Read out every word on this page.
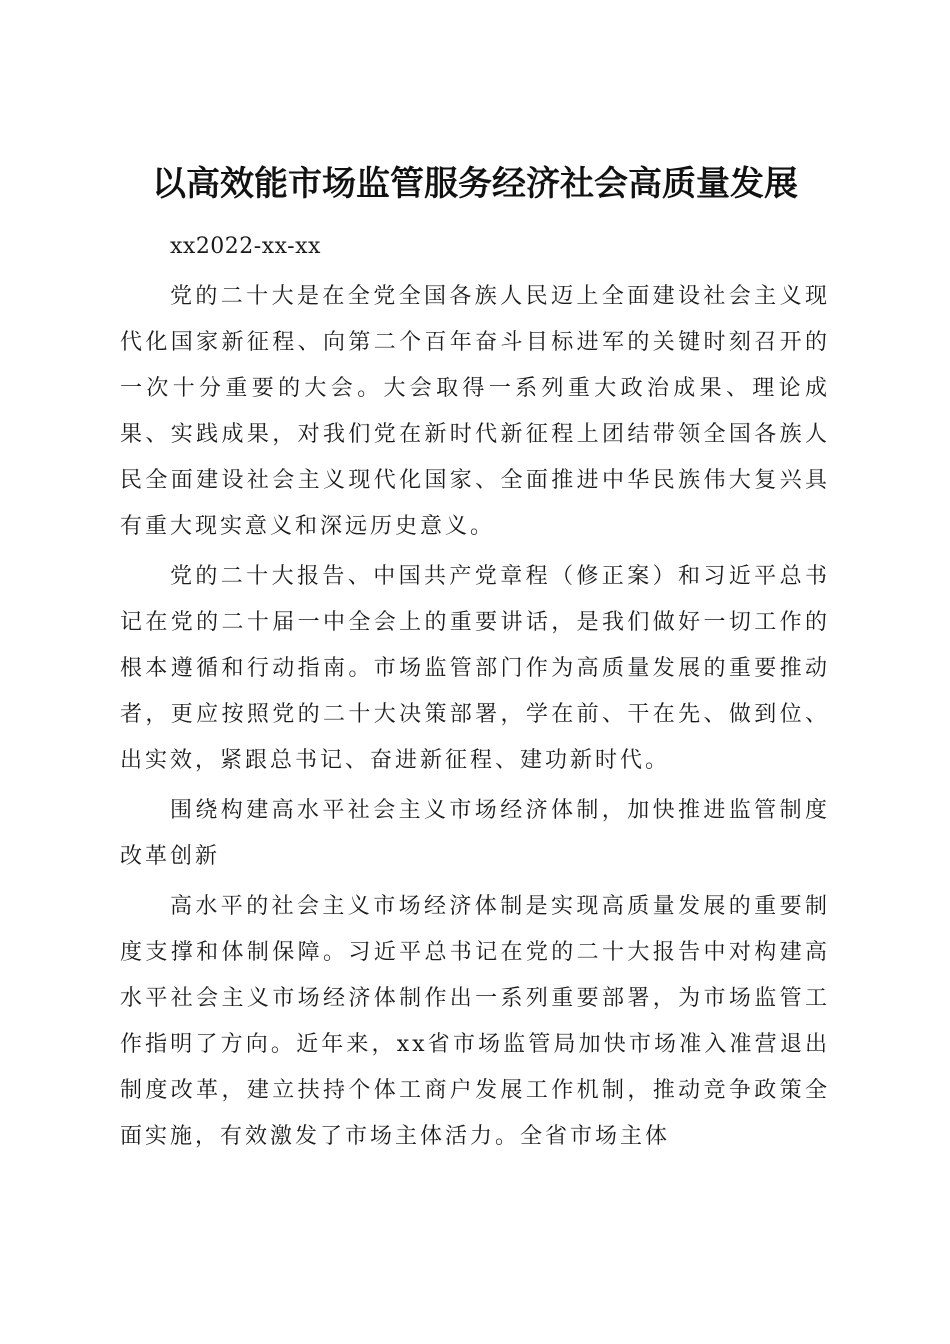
以高效能市场监管服务经济社会高质量发展

xx2022-xx-xx

党的二十大是在全党全国各族人民迈上全面建设社会主义现代化国家新征程、向第二个百年奋斗目标进军的关键时刻召开的一次十分重要的大会。大会取得一系列重大政治成果、理论成果、实践成果，对我们党在新时代新征程上团结带领全国各族人民全面建设社会主义现代化国家、全面推进中华民族伟大复兴具有重大现实意义和深远历史意义。

党的二十大报告、中国共产党章程（修正案）和习近平总书记在党的二十届一中全会上的重要讲话，是我们做好一切工作的根本遵循和行动指南。市场监管部门作为高质量发展的重要推动者，更应按照党的二十大决策部署，学在前、干在先、做到位、出实效，紧跟总书记、奋进新征程、建功新时代。

围绕构建高水平社会主义市场经济体制，加快推进监管制度改革创新

高水平的社会主义市场经济体制是实现高质量发展的重要制度支撑和体制保障。习近平总书记在党的二十大报告中对构建高水平社会主义市场经济体制作出一系列重要部署，为市场监管工作指明了方向。近年来，xx省市场监管局加快市场准入准营退出制度改革，建立扶持个体工商户发展工作机制，推动竞争政策全面实施，有效激发了市场主体活力。全省市场主体
